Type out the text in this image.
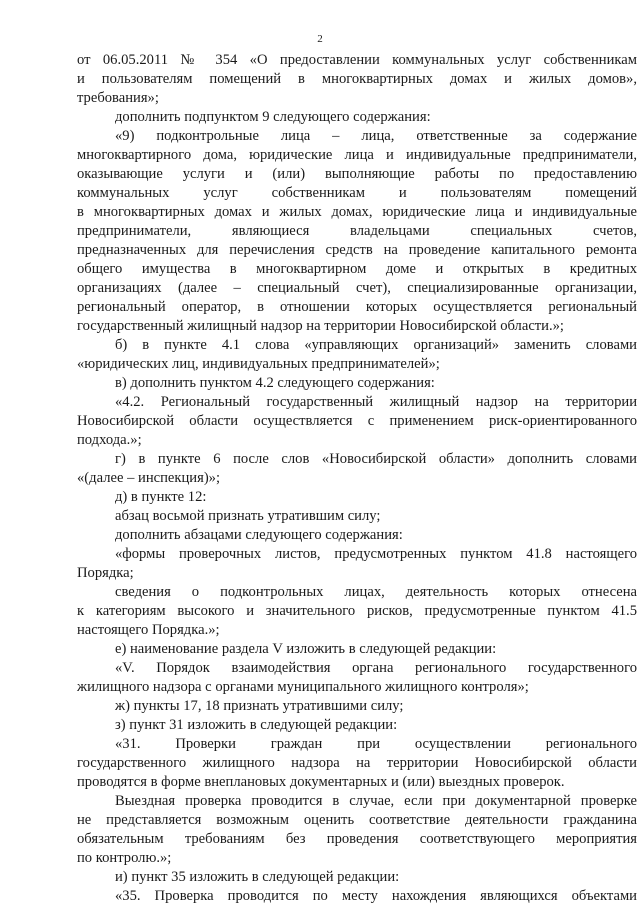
2
от 06.05.2011 № 354 «О предоставлении коммунальных услуг собственникам
и пользователям помещений в многоквартирных домах и жилых домов»,
требования»;
дополнить подпунктом 9 следующего содержания:
«9) подконтрольные лица – лица, ответственные за содержание
многоквартирного дома, юридические лица и индивидуальные предприниматели,
оказывающие услуги и (или) выполняющие работы по предоставлению
коммунальных услуг собственникам и пользователям помещений
в многоквартирных домах и жилых домах, юридические лица и индивидуальные
предприниматели, являющиеся владельцами специальных счетов,
предназначенных для перечисления средств на проведение капитального ремонта
общего имущества в многоквартирном доме и открытых в кредитных
организациях (далее – специальный счет), специализированные организации,
региональный оператор, в отношении которых осуществляется региональный
государственный жилищный надзор на территории Новосибирской области.»;
б) в пункте 4.1 слова «управляющих организаций» заменить словами
«юридических лиц, индивидуальных предпринимателей»;
в) дополнить пунктом 4.2 следующего содержания:
«4.2. Региональный государственный жилищный надзор на территории
Новосибирской области осуществляется с применением риск-ориентированного
подхода.»;
г) в пункте 6 после слов «Новосибирской области» дополнить словами
«(далее – инспекция)»;
д) в пункте 12:
абзац восьмой признать утратившим силу;
дополнить абзацами следующего содержания:
«формы проверочных листов, предусмотренных пунктом 41.8 настоящего
Порядка;
сведения о подконтрольных лицах, деятельность которых отнесена
к категориям высокого и значительного рисков, предусмотренные пунктом 41.5
настоящего Порядка.»;
е) наименование раздела V изложить в следующей редакции:
«V. Порядок взаимодействия органа регионального государственного
жилищного надзора с органами муниципального жилищного контроля»;
ж) пункты 17, 18 признать утратившими силу;
з) пункт 31 изложить в следующей редакции:
«31. Проверки граждан при осуществлении регионального
государственного жилищного надзора на территории Новосибирской области
проводятся в форме внеплановых документарных и (или) выездных проверок.
Выездная проверка проводится в случае, если при документарной проверке
не представляется возможным оценить соответствие деятельности гражданина
обязательным требованиям без проведения соответствующего мероприятия
по контролю.»;
и) пункт 35 изложить в следующей редакции:
«35. Проверка проводится по месту нахождения являющихся объектами
